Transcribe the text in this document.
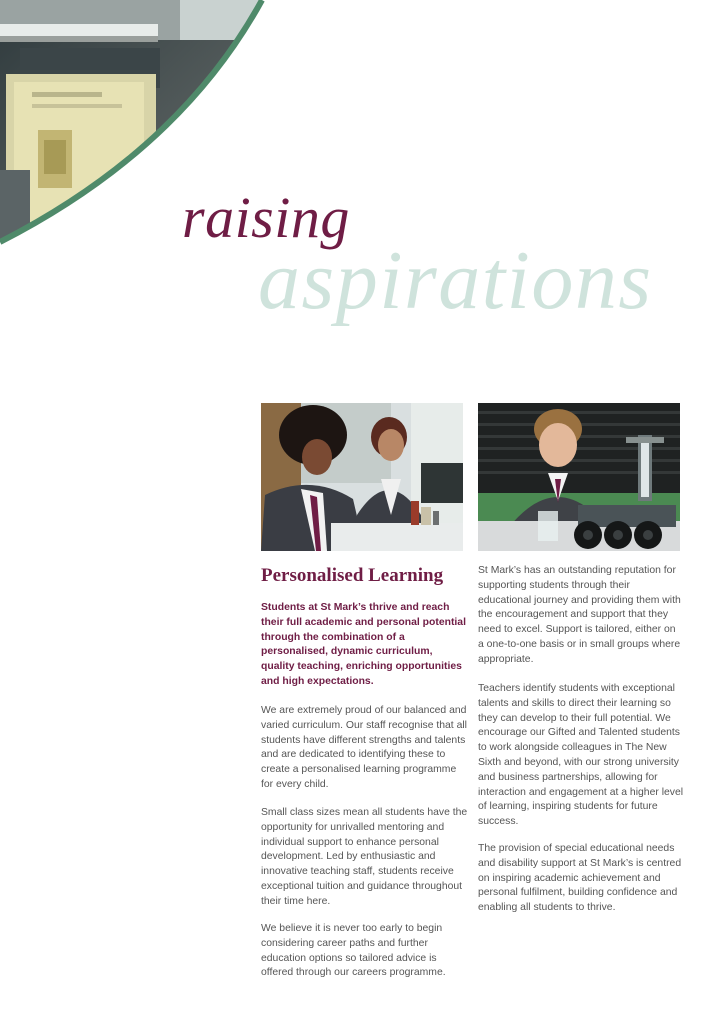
raising
aspirations
Personalised Learning

Students at St Mark’s thrive and reach their full academic and personal potential through the combination of a personalised, dynamic curriculum, quality teaching, enriching opportunities and high expectations.

We are extremely proud of our balanced and varied curriculum. Our staff recognise that all students have different strengths and talents and are dedicated to identifying these to create a personalised learning programme for every child.

Small class sizes mean all students have the opportunity for unrivalled mentoring and individual support to enhance personal development. Led by enthusiastic and innovative teaching staff, students receive exceptional tuition and guidance throughout their time here.

We believe it is never too early to begin considering career paths and further education options so tailored advice is offered through our careers programme.

St Mark’s has an outstanding reputation for supporting students through their educational journey and providing them with the encouragement and support that they need to excel. Support is tailored, either on a one-to-one basis or in small groups where appropriate.

Teachers identify students with exceptional talents and skills to direct their learning so they can develop to their full potential. We encourage our Gifted and Talented students to work alongside colleagues in The New Sixth and beyond, with our strong university and business partnerships, allowing for interaction and engagement at a higher level of learning, inspiring students for future success.

The provision of special educational needs and disability support at St Mark’s is centred on inspiring academic achievement and personal fulfilment, building confidence and enabling all students to thrive.
